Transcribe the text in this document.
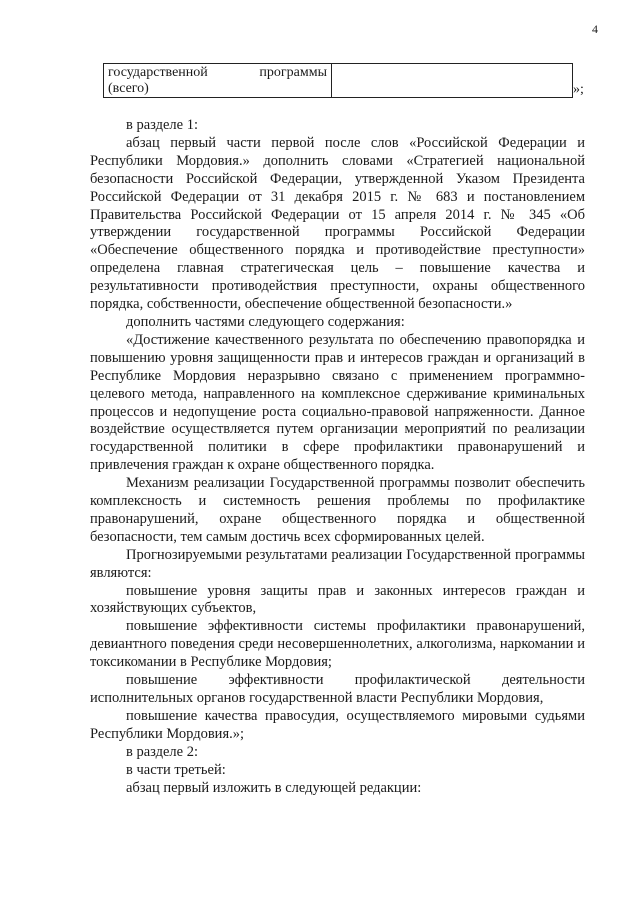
4
государственной	программы
(всего)	»;

в разделе 1:

абзац первый части первой после слов «Российской Федерации и Республики Мордовия.» дополнить словами «Стратегией национальной безопасности Российской Федерации, утвержденной Указом Президента Российской Федерации от 31 декабря 2015 г. № 683 и постановлением Правительства Российской Федерации от 15 апреля 2014 г. № 345 «Об утверждении государственной программы Российской Федерации «Обеспечение общественного порядка и противодействие преступности» определена главная стратегическая цель – повышение качества и результативности противодействия преступности, охраны общественного порядка, собственности, обеспечение общественной безопасности.»

дополнить частями следующего содержания:

«Достижение качественного результата по обеспечению правопорядка и повышению уровня защищенности прав и интересов граждан и организаций в Республике Мордовия неразрывно связано с применением программно-целевого метода, направленного на комплексное сдерживание криминальных процессов и недопущение роста социально-правовой напряженности. Данное воздействие осуществляется путем организации мероприятий по реализации государственной политики в сфере профилактики правонарушений и привлечения граждан к охране общественного порядка.

Механизм реализации Государственной программы позволит обеспечить комплексность и системность решения проблемы по профилактике правонарушений, охране общественного порядка и общественной безопасности, тем самым достичь всех сформированных целей.

Прогнозируемыми результатами реализации Государственной программы являются:

повышение уровня защиты прав и законных интересов граждан и хозяйствующих субъектов,

повышение эффективности системы профилактики правонарушений, девиантного поведения среди несовершеннолетних, алкоголизма, наркомании и токсикомании в Республике Мордовия;

повышение эффективности профилактической деятельности исполнительных органов государственной власти Республики Мордовия,

повышение качества правосудия, осуществляемого мировыми судьями Республики Мордовия.»;

в разделе 2:

в части третьей:

абзац первый изложить в следующей редакции:
